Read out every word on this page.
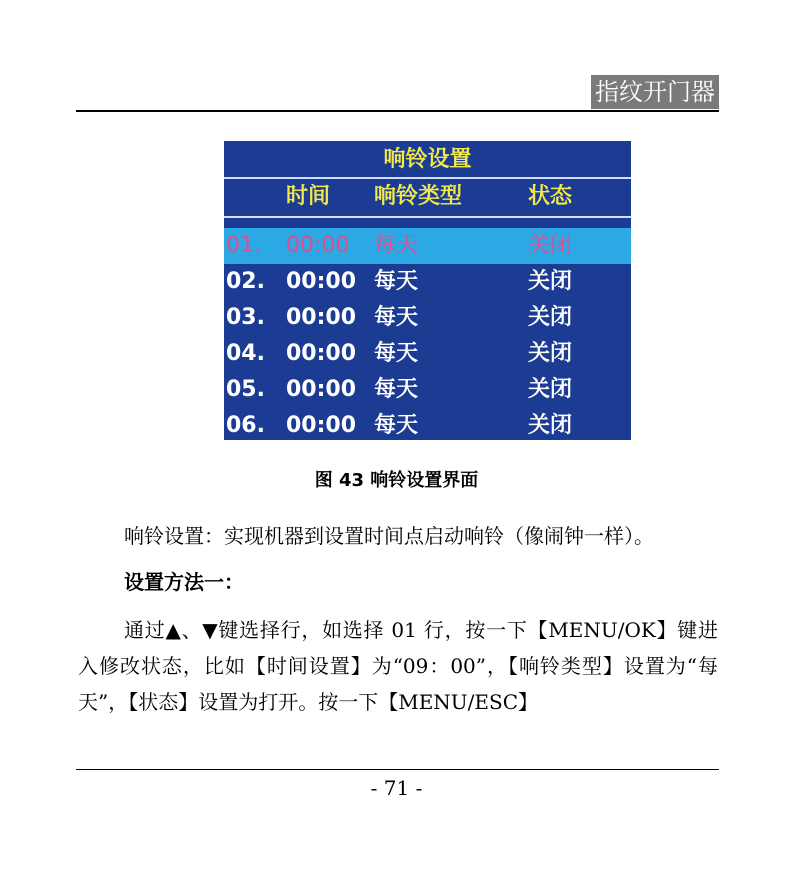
指纹开门器
响铃设置
时间 响铃类型	状态
01. 00:00 每天	关闭
02. 00:00 每天	关闭
03. 00:00 每天	关闭
04. 00:00 每天	关闭
05. 00:00 每天	关闭
06. 00:00 每天	关闭
图 43 响铃设置界面
响铃设置：实现机器到设置时间点启动响铃（像闹钟一样）。
设置方法一：
通过▲、▼键选择行，如选择 01 行，按一下【MENU/OK】键进入修改状态，比如【时间设置】为“09：00”，【响铃类型】设置为“每天”，【状态】设置为打开。按一下【MENU/ESC】
- 71 -
